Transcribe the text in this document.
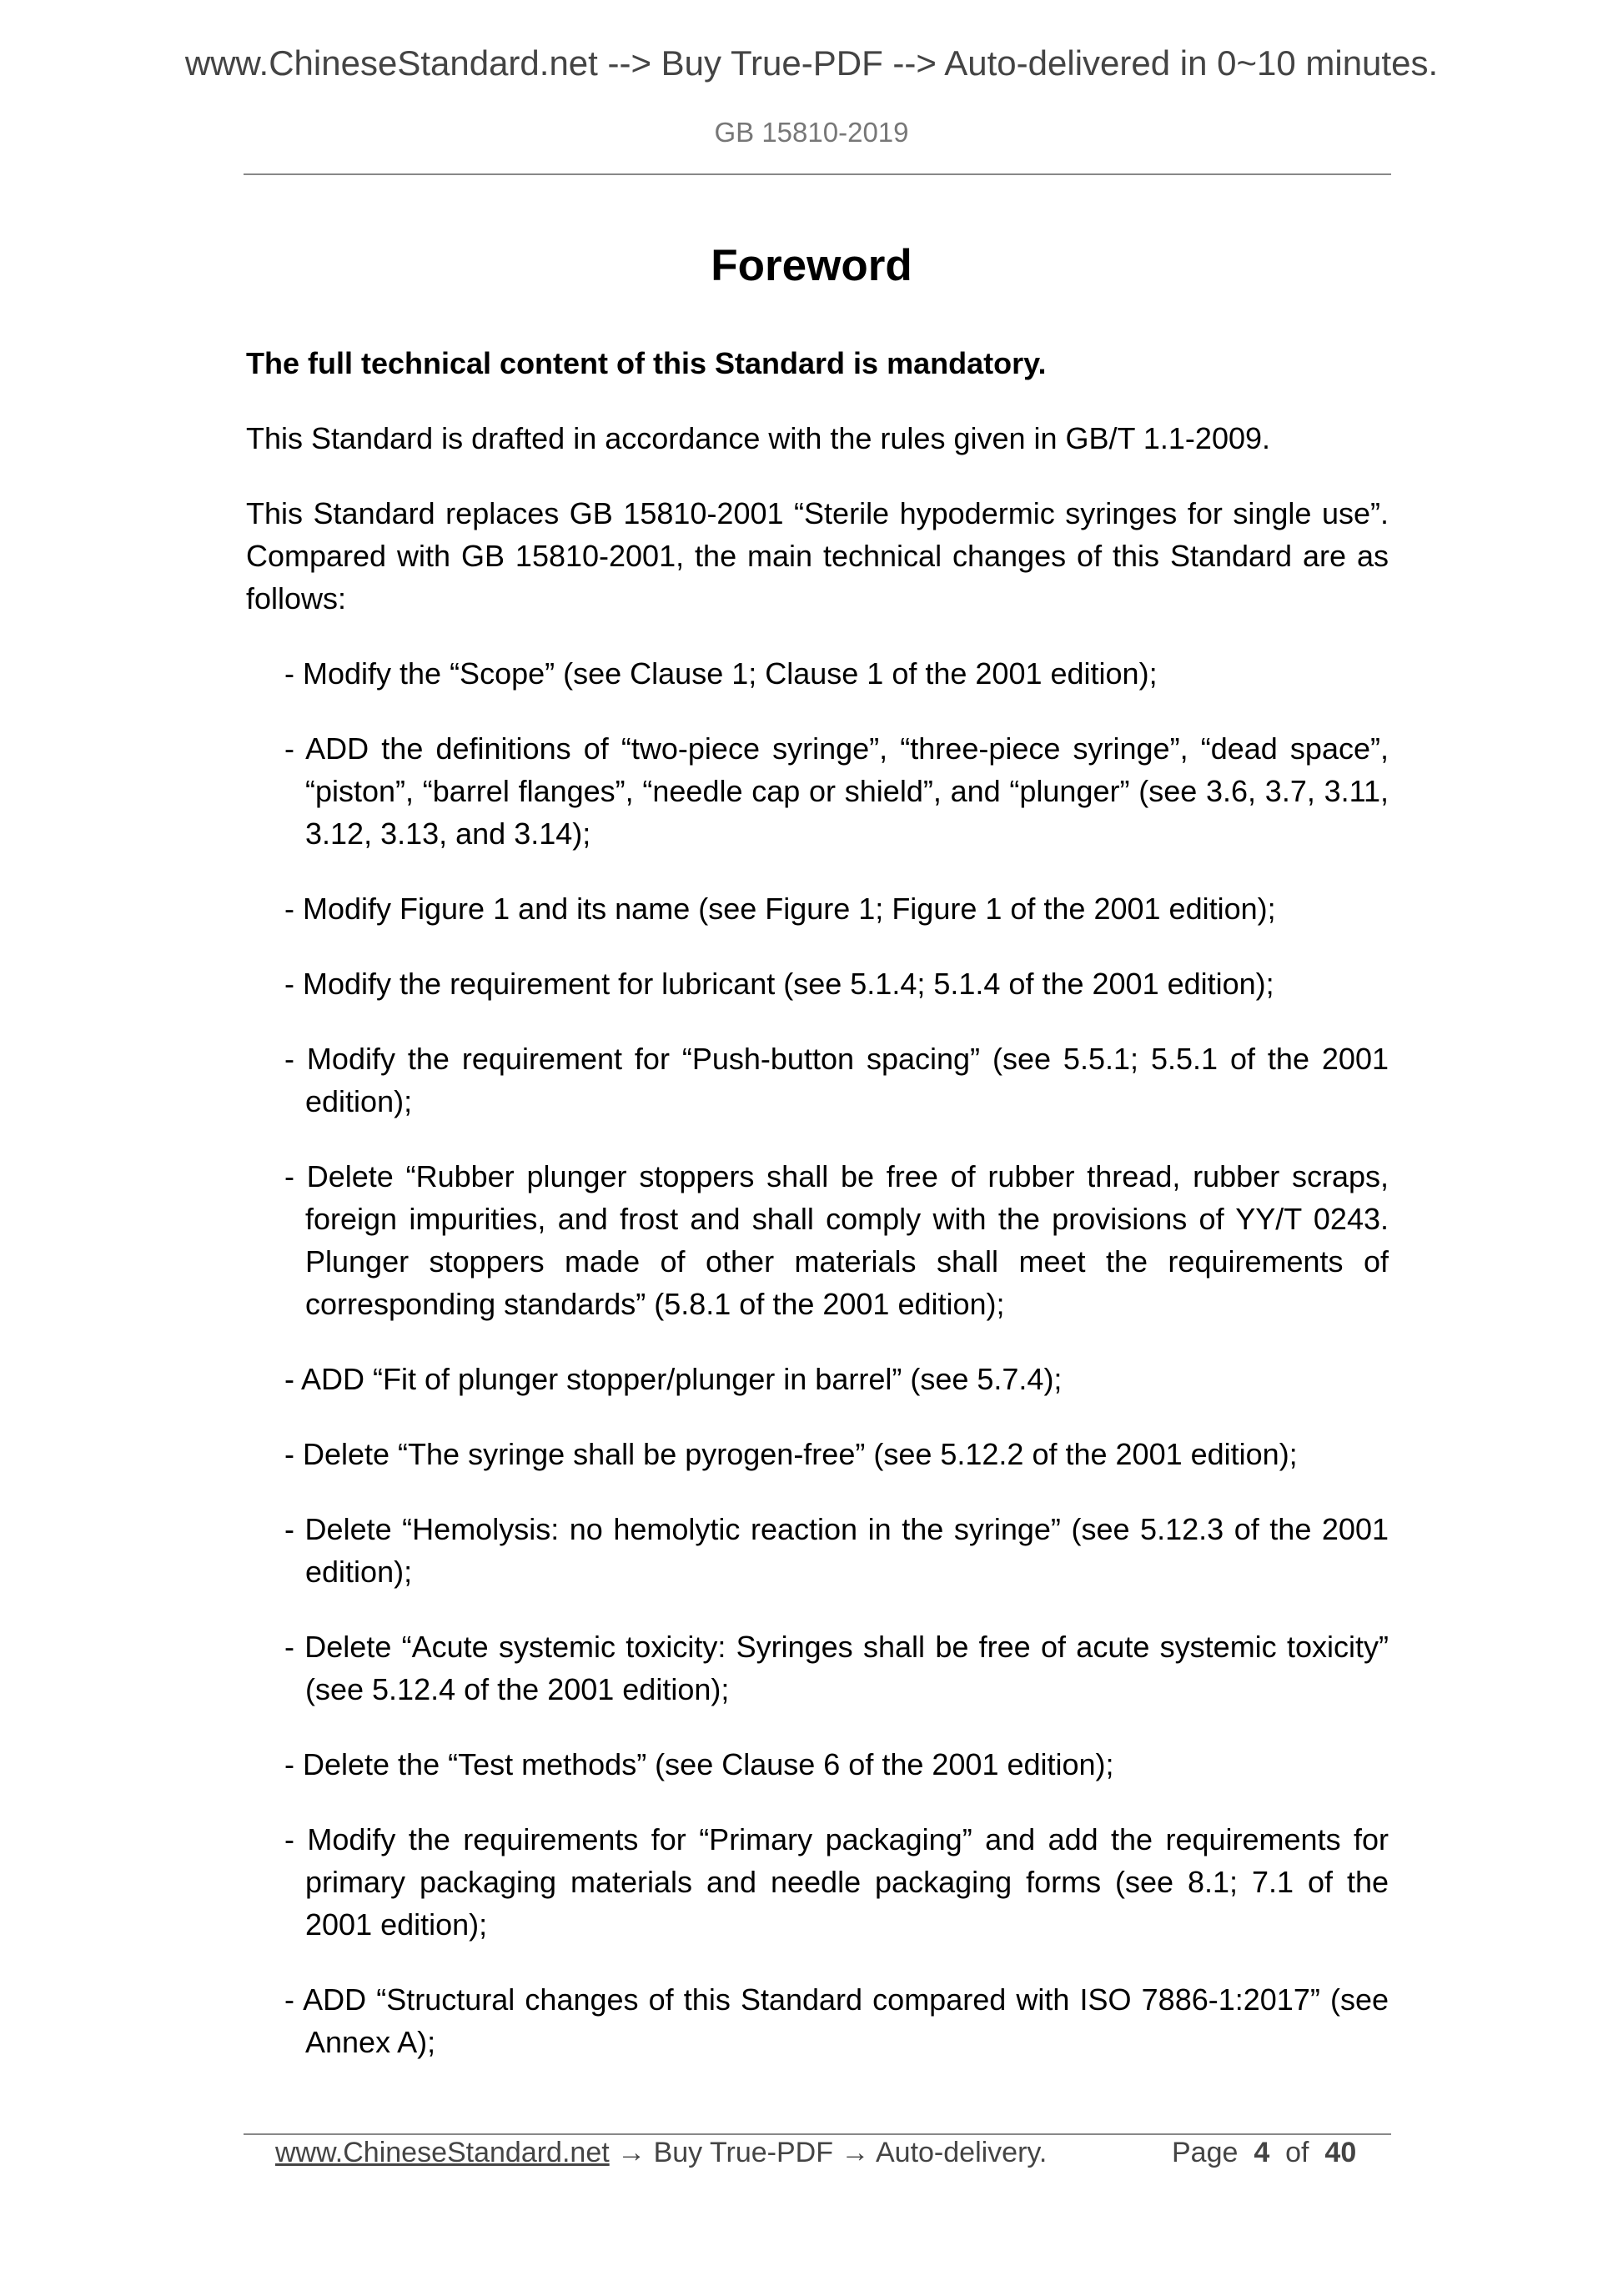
www.ChineseStandard.net --> Buy True-PDF --> Auto-delivered in 0~10 minutes.
GB 15810-2019
Foreword

The full technical content of this Standard is mandatory.

This Standard is drafted in accordance with the rules given in GB/T 1.1-2009.

This Standard replaces GB 15810-2001 “Sterile hypodermic syringes for single use”. Compared with GB 15810-2001, the main technical changes of this Standard are as follows:

- Modify the “Scope” (see Clause 1; Clause 1 of the 2001 edition);

- ADD the definitions of “two-piece syringe”, “three-piece syringe”, “dead space”, “piston”, “barrel flanges”, “needle cap or shield”, and “plunger” (see 3.6, 3.7, 3.11, 3.12, 3.13, and 3.14);

- Modify Figure 1 and its name (see Figure 1; Figure 1 of the 2001 edition);

- Modify the requirement for lubricant (see 5.1.4; 5.1.4 of the 2001 edition);

- Modify the requirement for “Push-button spacing” (see 5.5.1; 5.5.1 of the 2001 edition);

- Delete “Rubber plunger stoppers shall be free of rubber thread, rubber scraps, foreign impurities, and frost and shall comply with the provisions of YY/T 0243. Plunger stoppers made of other materials shall meet the requirements of corresponding standards” (5.8.1 of the 2001 edition);

- ADD “Fit of plunger stopper/plunger in barrel” (see 5.7.4);

- Delete “The syringe shall be pyrogen-free” (see 5.12.2 of the 2001 edition);

- Delete “Hemolysis: no hemolytic reaction in the syringe” (see 5.12.3 of the 2001 edition);

- Delete “Acute systemic toxicity: Syringes shall be free of acute systemic toxicity” (see 5.12.4 of the 2001 edition);

- Delete the “Test methods” (see Clause 6 of the 2001 edition);

- Modify the requirements for “Primary packaging” and add the requirements for primary packaging materials and needle packaging forms (see 8.1; 7.1 of the 2001 edition);

- ADD “Structural changes of this Standard compared with ISO 7886-1:2017” (see Annex A);

www.ChineseStandard.net → Buy True-PDF → Auto-delivery.	Page 4 of 40
